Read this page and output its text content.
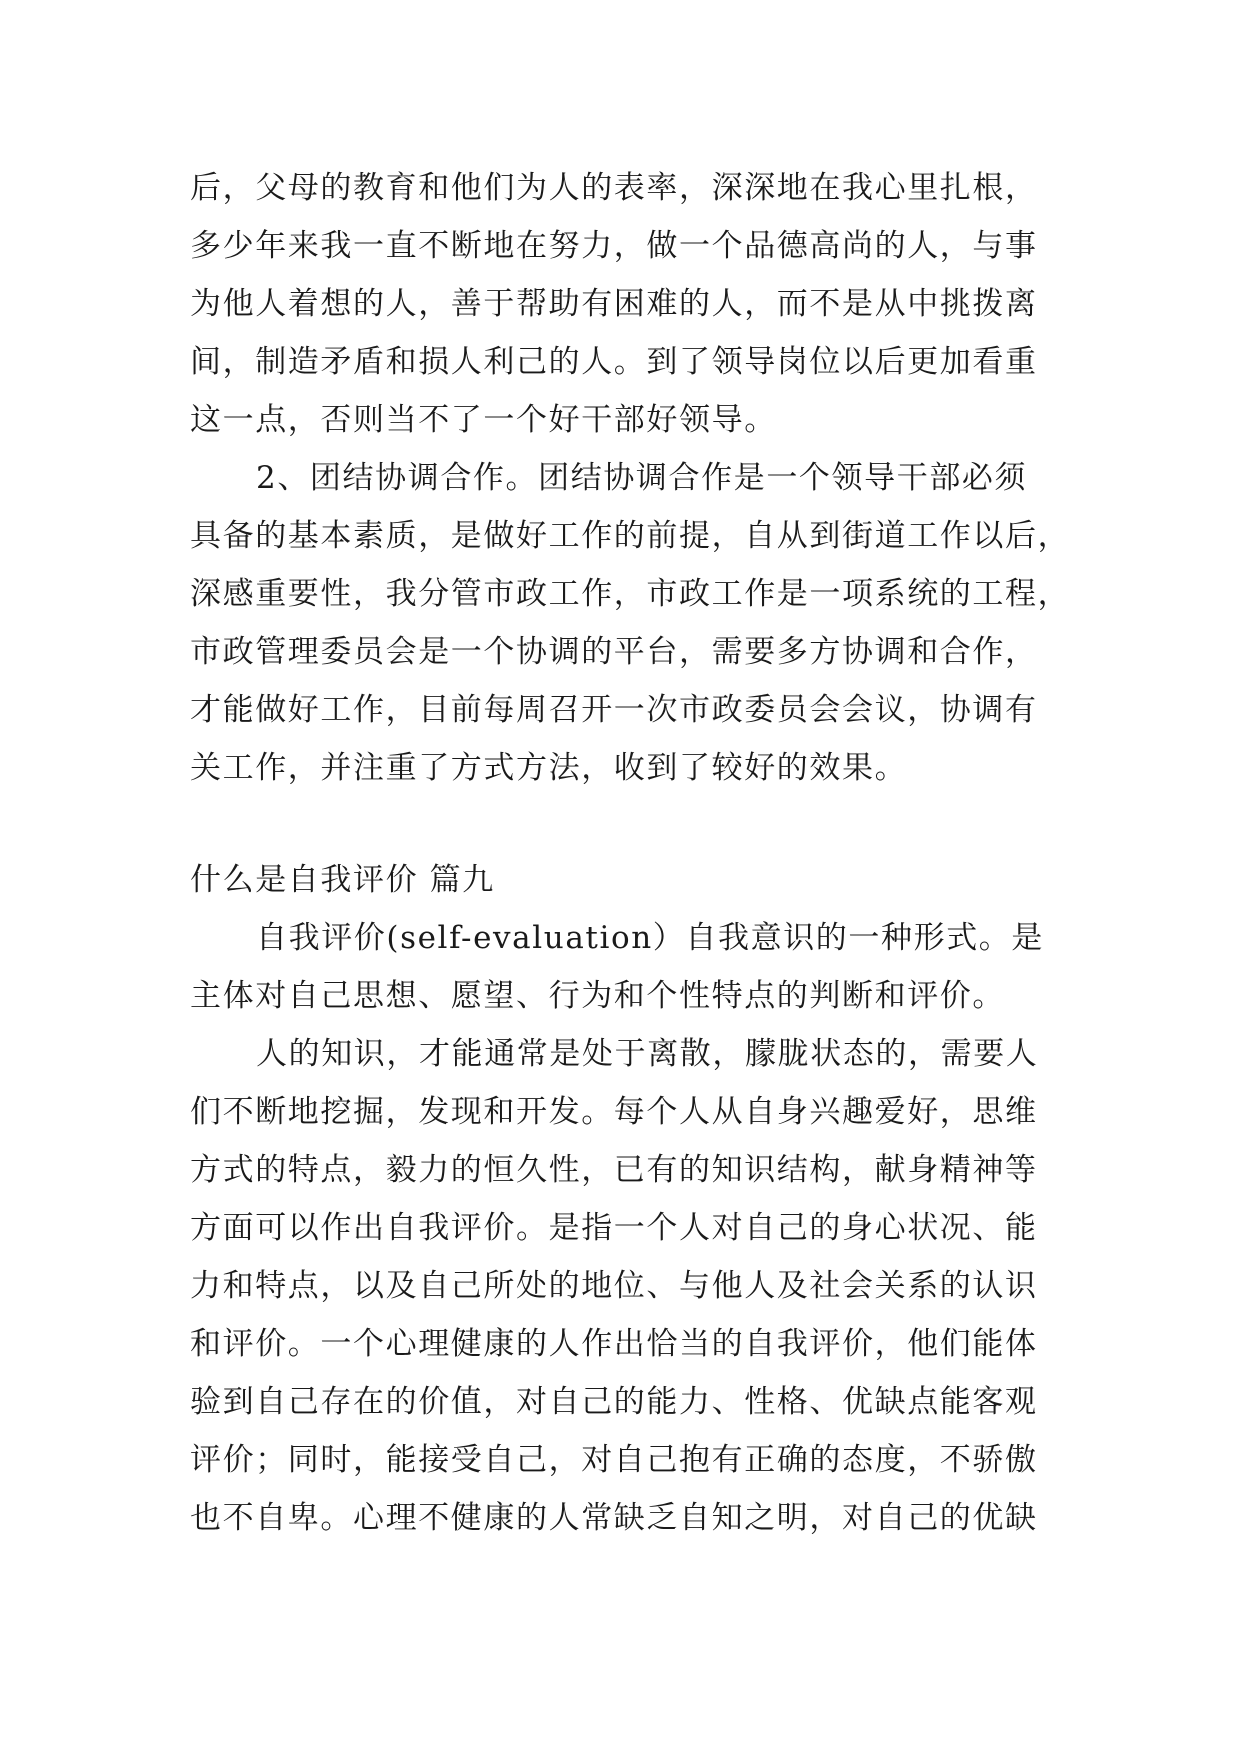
后，父母的教育和他们为人的表率，深深地在我心里扎根，
多少年来我一直不断地在努力，做一个品德高尚的人，与事
为他人着想的人，善于帮助有困难的人，而不是从中挑拨离
间，制造矛盾和损人利己的人。到了领导岗位以后更加看重
这一点，否则当不了一个好干部好领导。
2、团结协调合作。团结协调合作是一个领导干部必须
具备的基本素质，是做好工作的前提，自从到街道工作以后，
深感重要性，我分管市政工作，市政工作是一项系统的工程，
市政管理委员会是一个协调的平台，需要多方协调和合作，
才能做好工作，目前每周召开一次市政委员会会议，协调有
关工作，并注重了方式方法，收到了较好的效果。
什么是自我评价 篇九
自我评价(self-evaluation）自我意识的一种形式。是
主体对自己思想、愿望、行为和个性特点的判断和评价。
人的知识，才能通常是处于离散，朦胧状态的，需要人
们不断地挖掘，发现和开发。每个人从自身兴趣爱好，思维
方式的特点，毅力的恒久性，已有的知识结构，献身精神等
方面可以作出自我评价。是指一个人对自己的身心状况、能
力和特点，以及自己所处的地位、与他人及社会关系的认识
和评价。一个心理健康的人作出恰当的自我评价，他们能体
验到自己存在的价值，对自己的能力、性格、优缺点能客观
评价；同时，能接受自己，对自己抱有正确的态度，不骄傲
也不自卑。心理不健康的人常缺乏自知之明，对自己的优缺
